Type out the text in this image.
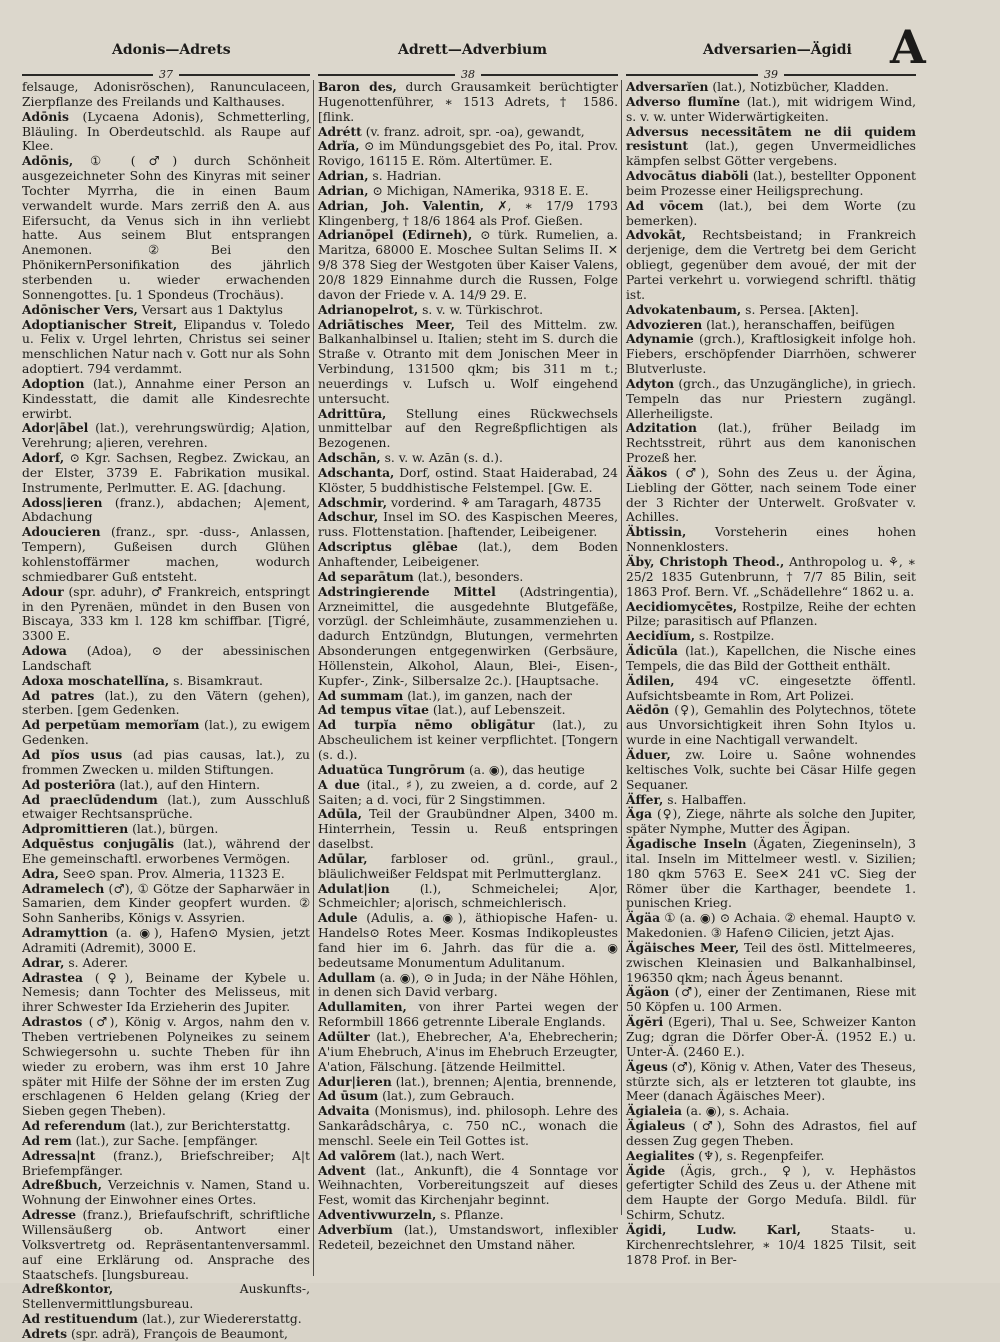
Adonis—Adrets	Adrett—Adverbium	Adversarien—Ägidi A
37	38	39

felsauge, Adonisröschen), Ranunculaceen, Zierpflanze des Freilands und Kalthauses.

Adōnis (Lycaena Adonis), Schmetterling, Bläuling. In Oberdeutschld. als Raupe auf Klee.

Adōnis, ① (♂) durch Schönheit ausgezeichneter Sohn des Kinyras mit seiner Tochter Myrrha, die in einen Baum verwandelt wurde. Mars zerriß den A. aus Eifersucht, da Venus sich in ihn verliebt hatte. Aus seinem Blut entsprangen Anemonen. ②Bei den PhönikernPersonifikation des jährlich sterbenden u. wieder erwachenden Sonnengottes. [u. 1 Spondeus (Trochäus).

Adōnischer Vers, Versart aus 1 Daktylus

Adoptianischer Streit, Elipandus v. Toledo u. Felix v. Urgel lehrten, Christus sei seiner menschlichen Natur nach v. Gott nur als Sohn adoptiert. 794 verdammt.

Adoption (lat.), Annahme einer Person an Kindesstatt, die damit alle Kindesrechte erwirbt.

Ador|ābel (lat.), verehrungswürdig; A|ation, Verehrung; a|ieren, verehren.

Adorf, ⊙ Kgr. Sachsen, Regbez. Zwickau, an der Elster, 3739 E. Fabrikation musikal. Instrumente, Perlmutter. E. AG. [dachung.

Adoss|ieren (franz.), abdachen; A|ement, Abdachung

Adoucieren (franz., spr. -duss-, Anlassen, Tempern), Gußeisen durch Glühen kohlenstoffärmer machen, wodurch schmiedbarer Guß entsteht.

Adour (spr. aduhr), ♂ Frankreich, entspringt in den Pyrenäen, mündet in den Busen von Biscaya, 333 km l. 128 km schiffbar. [Tigré, 3300 E.

Adowa (Adoa), ⊙ der abessinischen Landschaft

Adoxa moschatellĭna, s. Bisamkraut.

Ad patres (lat.), zu den Vätern (gehen), sterben. [gem Gedenken.

Ad perpetŭam memorĭam (lat.), zu ewigem Gedenken.

Ad pĭos usus (ad pias causas, lat.), zu frommen Zwecken u. milden Stiftungen.

Ad posteriōra (lat.), auf den Hintern.

Ad praeclūdendum (lat.), zum Ausschluß etwaiger Rechtsansprüche.

Adpromittieren (lat.), bürgen.

Adquēstus conjugālis (lat.), während der Ehe gemeinschaftl. erworbenes Vermögen.

Adra, See⊙ span. Prov. Almeria, 11323 E.

Adramelech (♂), ① Götze der Sapharwäer in Samarien, dem Kinder geopfert wurden. ② Sohn Sanheribs, Königs v. Assyrien.

Adramyttion (a. ◉), Hafen⊙ Mysien, jetzt Adramiti (Adremit), 3000 E.

Adrar, s. Aderer.

Adrastea (♀), Beiname der Kybele u. Nemesis; dann Tochter des Melisseus, mit ihrer Schwester Ida Erzieherin des Jupiter.

Adrastos (♂), König v. Argos, nahm den v. Theben vertriebenen Polyneikes zu seinem Schwiegersohn u. suchte Theben für ihn wieder zu erobern, was ihm erst 10 Jahre später mit Hilfe der Söhne der im ersten Zug erschlagenen 6 Helden gelang (Krieg der Sieben gegen Theben).

Ad referendum (lat.), zur Berichterstattg.

Ad rem (lat.), zur Sache. [empfänger.

Adressa|nt (franz.), Briefschreiber; A|t Briefempfänger.

Adreßbuch, Verzeichnis v. Namen, Stand u. Wohnung der Einwohner eines Ortes.

Adresse (franz.), Briefaufschrift, schriftliche Willensäußerg ob. Antwort einer Volksvertretg od. Repräsentantenversamml. auf eine Erklärung od. Ansprache des Staatschefs. [lungsbureau.

Adreßkontor,	Auskunfts-, Stellenvermittlungsbureau.

Ad restituendum (lat.), zur Wiedererstattg.

Adrets (spr. adrä), François de Beaumont,

Baron des, durch Grausamkeit berüchtigter Hugenottenführer, ∗ 1513 Adrets, † 1586. [flink.

Adrétt (v. franz. adroit, spr. -oa), gewandt,

Adrĭa, ⊙ im Mündungsgebiet des Po, ital. Prov. Rovigo, 16115 E. Röm. Altertümer. E.

Adrian, s. Hadrian.

Adrian, ⊙ Michigan, NAmerika, 9318 E. E.

Adrian, Joh. Valentin, ✗, ∗ 17/9 1793 Klingenberg, † 18/6 1864 als Prof. Gießen.

Adrianōpel (Edirneh), ⊙ türk. Rumelien, a. Maritza, 68000 E. Moschee Sultan Selims II. ✕ 9/8 378 Sieg der Westgoten über Kaiser Valens, 20/8 1829 Einnahme durch die Russen, Folge davon der Friede v. A. 14/9 29. E.

Adrianopelrot, s. v. w. Türkischrot.

Adriātisches Meer, Teil des Mittelm. zw. Balkanhalbinsel u. Italien; steht im S. durch die Straße v. Otranto mit dem Jonischen Meer in Verbindung, 131500 qkm; bis 311 m t.; neuerdings v. Lufsch u. Wolf eingehend untersucht.

Adrittūra, Stellung eines Rückwechsels unmittelbar auf den Regreßpflichtigen als Bezogenen.

Adschān, s. v. w. Azān (s. d.).

Adschanta, Dorf, ostind. Staat Haiderabad, 24 Klöster, 5 buddhistische Felstempel. [Gw. E.

Adschmir, vorderind. ⚘ am Taragarh, 48735

Adschur, Insel im SO. des Kaspischen Meeres, russ. Flottenstation. [haftender, Leibeigener.

Adscriptus glēbae (lat.), dem Boden Anhaftender, Leibeigener.

Ad separātum (lat.), besonders.

Adstringierende Mittel (Adstringentia), Arzneimittel, die ausgedehnte Blutgefäße, vorzügl. der Schleimhäute, zusammenziehen u. dadurch Entzündgn, Blutungen, vermehrten Absonderungen entgegenwirken (Gerbsäure, Höllenstein, Alkohol, Alaun, Blei-, Eisen-, Kupfer-, Zink-, Silbersalze 2c.). [Hauptsache.

Ad summam (lat.), im ganzen, nach der

Ad tempus vītae (lat.), auf Lebenszeit.

Ad turpĭa nēmo obligātur (lat.), zu Abscheulichem ist keiner verpflichtet. [Tongern (s. d.).

Aduatŭca Tungrōrum (a. ◉), das heutige

A due (ital., ♯), zu zweien, a d. corde, auf 2 Saiten; a d. voci, für 2 Singstimmen.

Adūla, Teil der Graubündner Alpen, 3400 m. Hinterrhein, Tessin u. Reuß entspringen daselbst.

Adūlar, farbloser od. grünl., graul., bläulichweißer Feldspat mit Perlmutterglanz.

Adulat|ion (l.), Schmeichelei; A|or, Schmeichler; a|orisch, schmeichlerisch.

Adule (Adulis, a. ◉), äthiopische Hafen- u. Handels⊙ Rotes Meer. Kosmas Indikopleustes fand hier im 6. Jahrh. das für die a. ◉ bedeutsame Monumentum Adulitanum.

Adullam (a. ◉), ⊙ in Juda; in der Nähe Höhlen, in denen sich David verbarg.

Adullamiten, von ihrer Partei wegen der Reformbill 1866 getrennte Liberale Englands.

Adülter (lat.), Ehebrecher, A'a, Ehebrecherin; A'ium Ehebruch, A'inus im Ehebruch Erzeugter, A'ation, Fälschung. [ätzende Heilmittel.

Adur|ieren (lat.), brennen; A|entia, brennende,

Ad ūsum (lat.), zum Gebrauch.

Advaita (Monismus), ind. philosoph. Lehre des Sankarâdschârya, c. 750 nC., wonach die menschl. Seele ein Teil Gottes ist.

Ad valōrem (lat.), nach Wert.

Advent (lat., Ankunft), die 4 Sonntage vor Weihnachten, Vorbereitungszeit auf dieses Fest, womit das Kirchenjahr beginnt.

Adventivwurzeln, s. Pflanze.

Adverbĭum (lat.), Umstandswort, inflexibler Redeteil, bezeichnet den Umstand näher.

Adversarĭen (lat.), Notizbücher, Kladden.

Adverso flumĭne (lat.), mit widrigem Wind, s. v. w. unter Widerwärtigkeiten.

Adversus necessitātem ne dii quidem resistunt (lat.), gegen Unvermeidliches kämpfen selbst Götter vergebens.

Advocātus diabŏli (lat.), bestellter Opponent beim Prozesse einer Heiligsprechung.

Ad vōcem (lat.), bei dem Worte (zu bemerken).

Advokāt, Rechtsbeistand; in Frankreich derjenige, dem die Vertretg bei dem Gericht obliegt, gegenüber dem avoué, der mit der Partei verkehrt u. vorwiegend schriftl. thätig ist.

Advokatenbaum, s. Persea. [Akten].

Advozieren (lat.), heranschaffen, beifügen

Adynamie (grch.), Kraftlosigkeit infolge hoh. Fiebers, erschöpfender Diarrhöen, schwerer Blutverluste.

Adyton (grch., das Unzugängliche), in griech. Tempeln das nur Priestern zugängl. Allerheiligste.

Adzitation (lat.), früher Beiladg im Rechtsstreit, rührt aus dem kanonischen Prozeß her.

Äăkos (♂), Sohn des Zeus u. der Ägina, Liebling der Götter, nach seinem Tode einer der 3 Richter der Unterwelt. Großvater v. Achilles.

Äbtissin, Vorsteherin eines hohen Nonnenklosters.

Äby, Christoph Theod., Anthropolog u. ⚘, ∗ 25/2 1835 Gutenbrunn, † 7/7 85 Bilin, seit 1863 Prof. Bern. Vf. „Schädellehre“ 1862 u. a.

Aecidiomycētes, Rostpilze, Reihe der echten Pilze; parasitisch auf Pflanzen.

Aecidĭum, s. Rostpilze.

Ädicŭla (lat.), Kapellchen, die Nische eines Tempels, die das Bild der Gottheit enthält.

Ädilen, 494 vC. eingesetzte öffentl. Aufsichtsbeamte in Rom, Art Polizei.

Aëdōn (♀), Gemahlin des Polytechnos, tötete aus Unvorsichtigkeit ihren Sohn Itylos u. wurde in eine Nachtigall verwandelt.

Äduer, zw. Loire u. Saône wohnendes keltisches Volk, suchte bei Cäsar Hilfe gegen Sequaner.

Äffer, s. Halbaffen.

Äga (♀), Ziege, nährte als solche den Jupiter, später Nymphe, Mutter des Ägipan.

Ägadische Inseln (Ägaten, Ziegeninseln), 3 ital. Inseln im Mittelmeer westl. v. Sizilien; 180 qkm 5763 E. See✕ 241 vC. Sieg der Römer über die Karthager, beendete 1. punischen Krieg.

Ägäa ① (a. ◉) ⊙ Achaia. ② ehemal. Haupt⊙ v. Makedonien. ③ Hafen⊙ Cilicien, jetzt Ajas.

Ägäisches Meer, Teil des östl. Mittelmeeres, zwischen Kleinasien und Balkanhalbinsel, 196350 qkm; nach Ägeus benannt.

Ägäon (♂), einer der Zentimanen, Riese mit 50 Köpfen u. 100 Armen.

Ägĕri (Egeri), Thal u. See, Schweizer Kanton Zug; dgran die Dörfer Ober-Ä. (1952 E.) u. Unter-Ä. (2460 E.).

Ägeus (♂), König v. Athen, Vater des Theseus, stürzte sich, als er letzteren tot glaubte, ins Meer (danach Ägäisches Meer).

Ägialeia (a. ◉), s. Achaia.

Ägialeus (♂), Sohn des Adrastos, fiel auf dessen Zug gegen Theben.

Aegialites (♆), s. Regenpfeifer.

Ägide (Ägis, grch., ♀), v. Hephästos gefertigter Schild des Zeus u. der Athene mit dem Haupte der Gorgo Meduſa. Bildl. für Schirm, Schutz.

Ägidi, Ludw. Karl, Staats- u. Kirchenrechtslehrer, ∗ 10/4 1825 Tilsit, seit 1878 Prof. in Ber-
